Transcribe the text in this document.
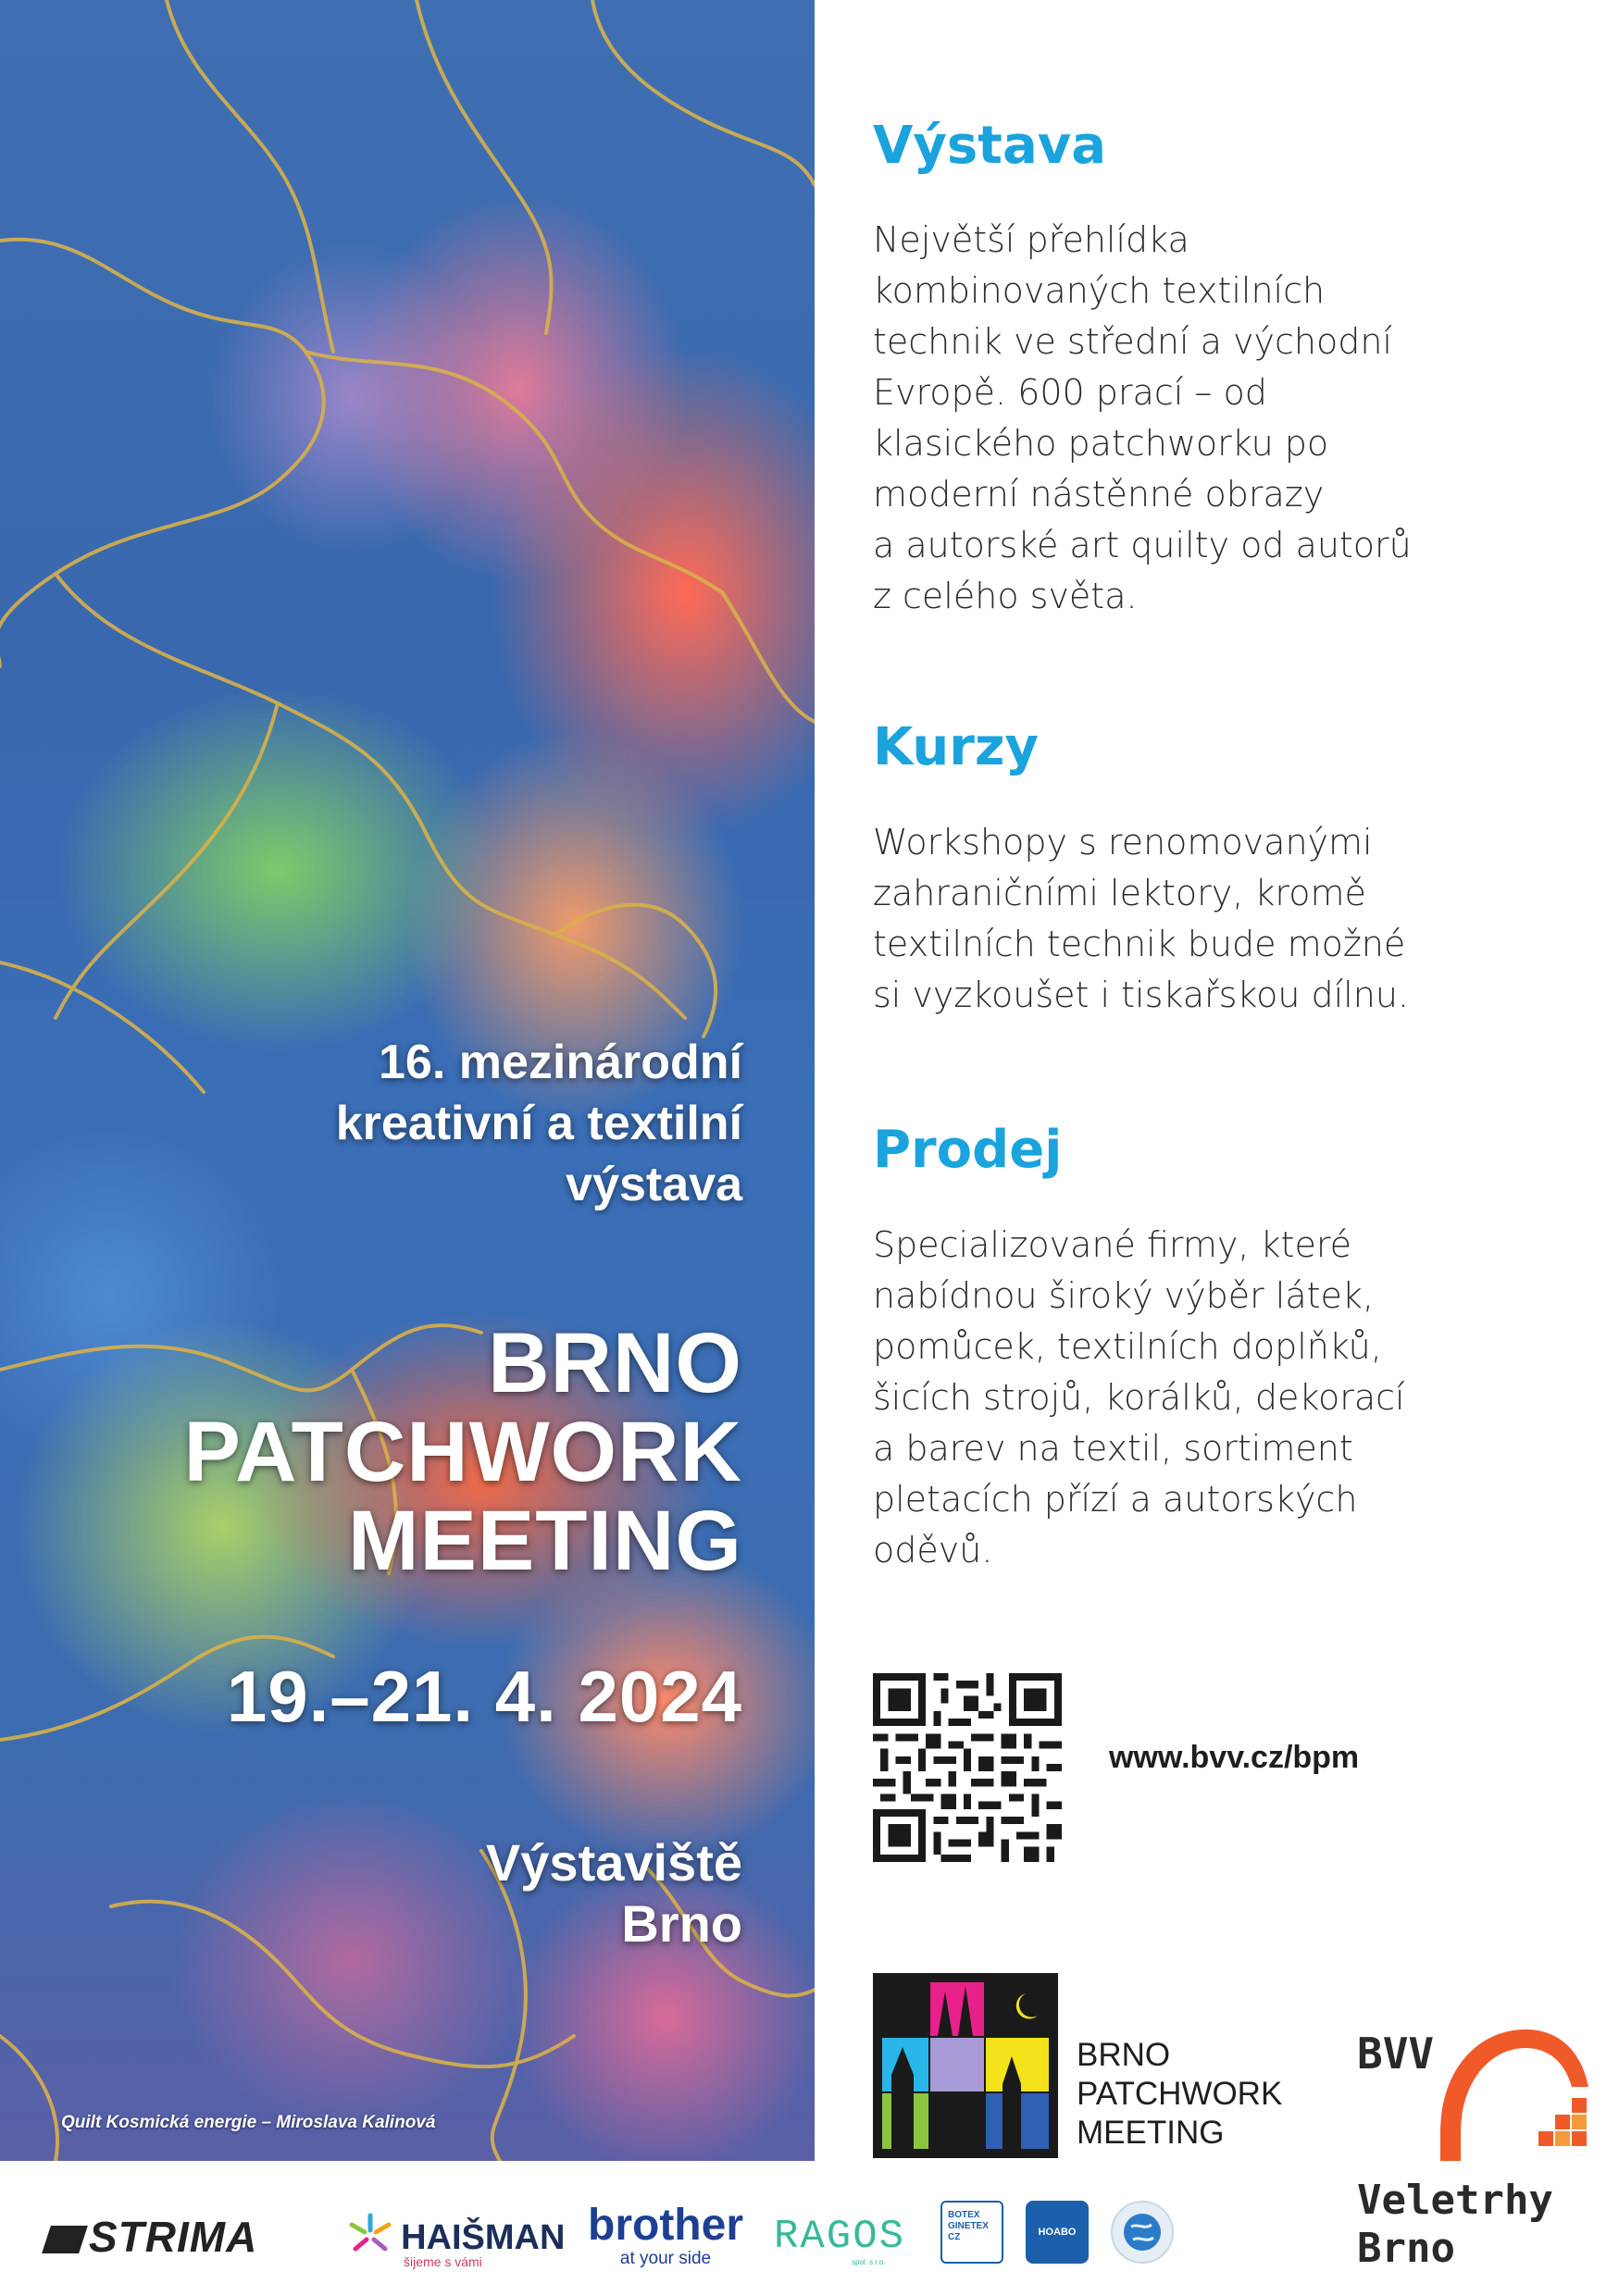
16. mezinárodní
kreativní a textilní
výstava
BRNO
PATCHWORK
MEETING
19.–21. 4. 2024
Výstaviště
Brno
Quilt Kosmická energie – Miroslava Kalinová
Výstava
Největší přehlídka
kombinovaných textilních
technik ve střední a východní
Evropě. 600 prací – od
klasického patchworku po
moderní nástěnné obrazy
a autorské art quilty od autorů
z celého světa.
Kurzy
Workshopy s renomovanými
zahraničními lektory, kromě
textilních technik bude možné
si vyzkoušet i tiskařskou dílnu.
Prodej
Specializované firmy, které
nabídnou široký výběr látek,
pomůcek, textilních doplňků,
šicích strojů, korálků, dekorací
a barev na textil, sortiment
pletacích přízí a autorských
oděvů.
www.bvv.cz/bpm
BRNO
PATCHWORK
MEETING
BVV
Veletrhy
Brno
STRIMA	HAIŠMAN
šijeme s vámi
brother
at your side	RAGOS
spol. s r.o.
BOTEX
GINETEX
CZ	HOABO
